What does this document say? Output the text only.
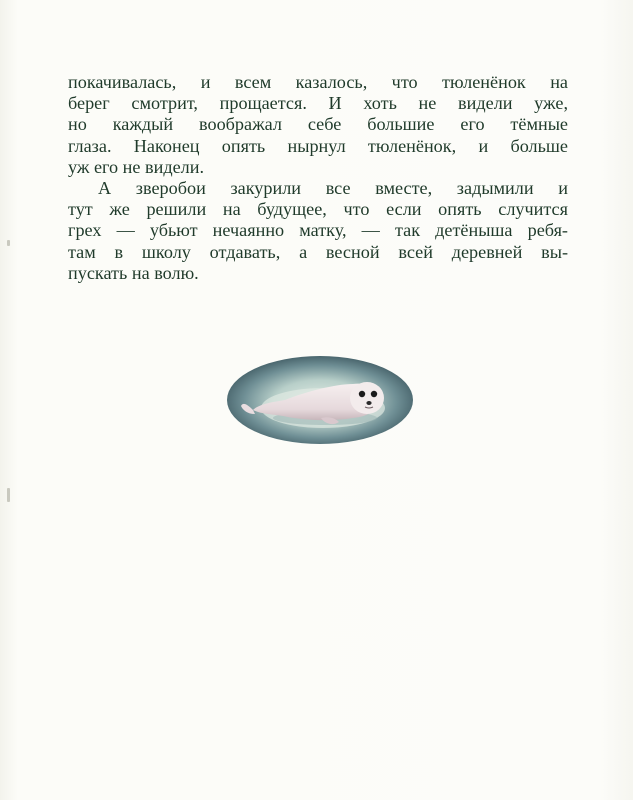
покачивалась, и всем казалось, что тюленёнок на
берег смотрит, прощается. И хоть не видели уже,
но каждый воображал себе большие его тёмные
глаза. Наконец опять нырнул тюленёнок, и больше
уж его не видели.

А зверобои закурили все вместе, задымили и
тут же решили на будущее, что если опять случится
грех — убьют нечаянно матку, — так детёныша ребя-
там в школу отдавать, а весной всей деревней вы-
пускать на волю.
